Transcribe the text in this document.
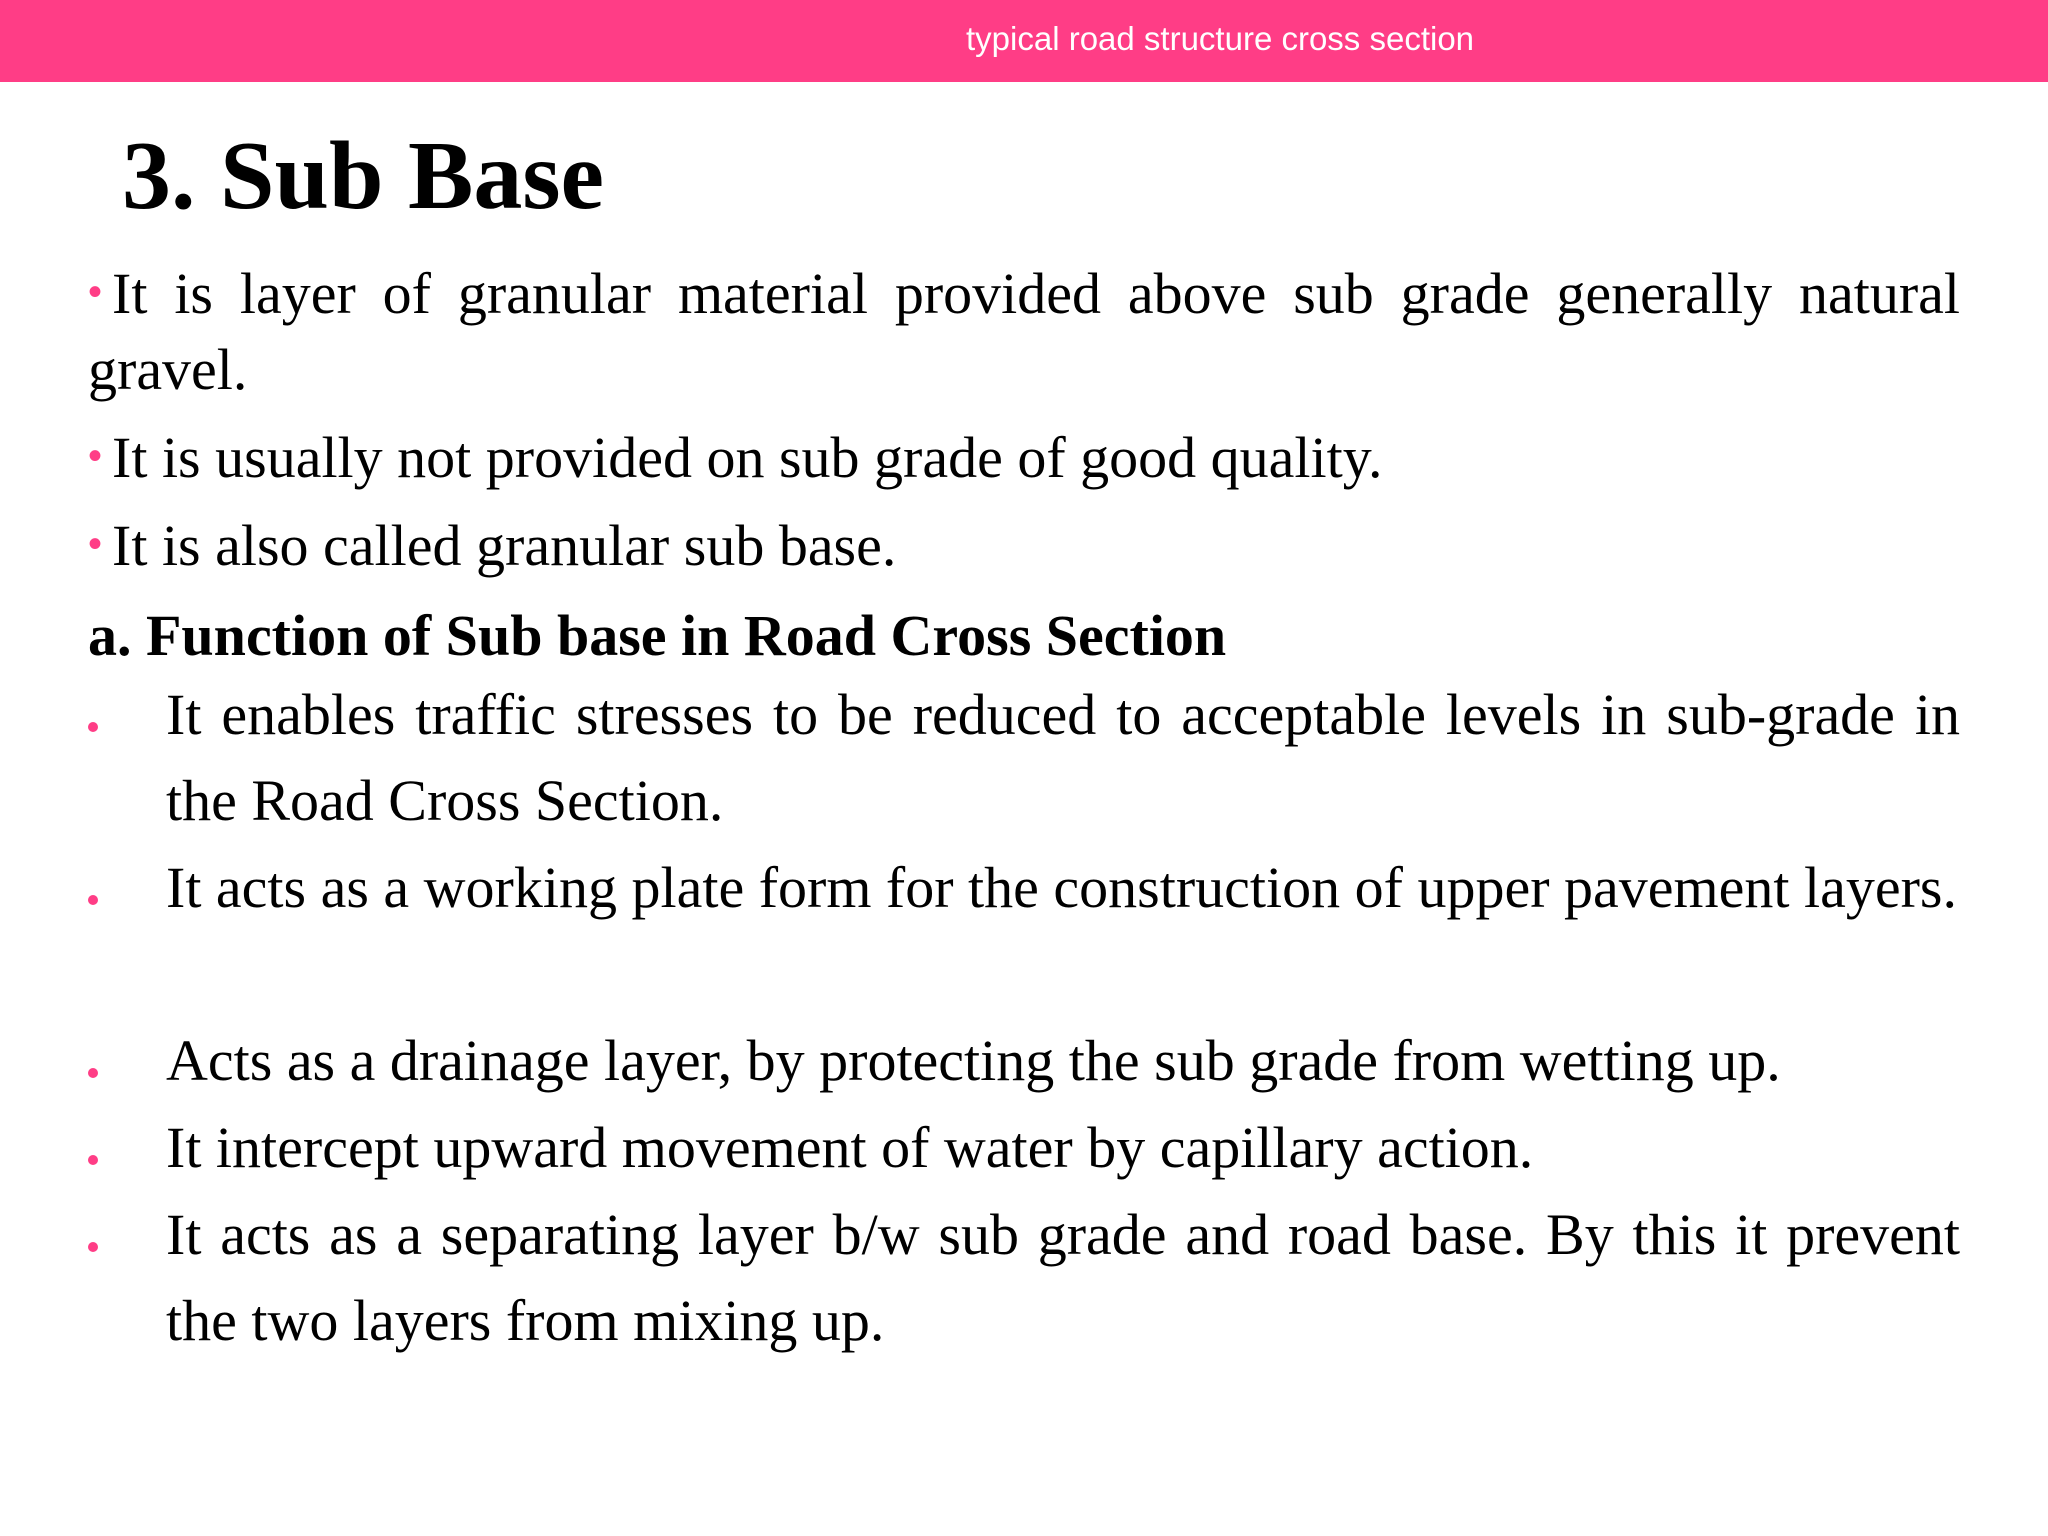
typical road structure cross section
3. Sub Base
• It is layer of granular material provided above sub grade generally natural gravel.
• It is usually not provided on sub grade of good quality.
• It is also called granular sub base.
a. Function of Sub base in Road Cross Section
It enables traffic stresses to be reduced to acceptable levels in sub-grade in the Road Cross Section.
It acts as a working plate form for the construction of upper pavement layers.
Acts as a drainage layer, by protecting the sub grade from wetting up.
It intercept upward movement of water by capillary action.
It acts as a separating layer b/w sub grade and road base. By this it prevent the two layers from mixing up.
